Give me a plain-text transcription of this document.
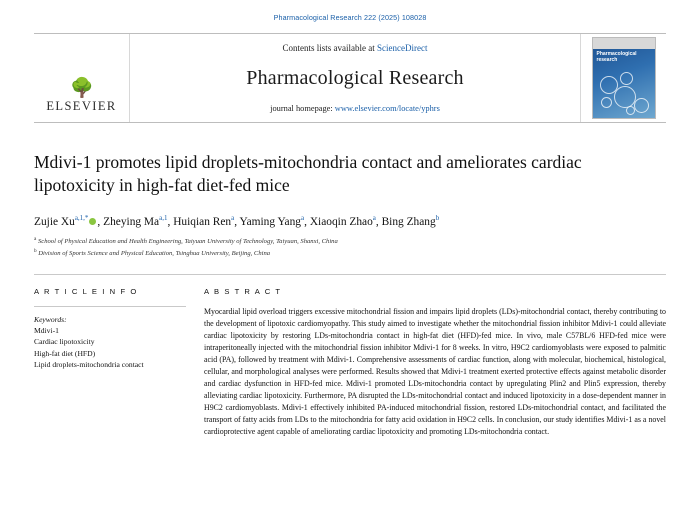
Pharmacological Research 222 (2025) 108028
🌳
ELSEVIER
Contents lists available at ScienceDirect
Pharmacological Research
journal homepage: www.elsevier.com/locate/yphrs
Pharmacological research
Mdivi-1 promotes lipid droplets-mitochondria contact and ameliorates cardiac lipotoxicity in high-fat diet-fed mice
Zujie $Xu^{a,1,*}$ , Zheying Ma$^{a,1}$, Huiqian Ren$^a$, Yaming Yang$^a$, Xiaoqin Zhao$^a$, Bing Zhang$^b$
$^a$ School of Physical Education and Health Engineering, Taiyuan University of Technology, Taiyuan, Shanxi, China
$^b$ Division of Sports Science and Physical Education, Tsinghua University, Beijing, China
A R T I C L E I N F O
Keywords:
Mdivi-1
Cardiac lipotoxicity
High-fat diet (HFD)
Lipid droplets-mitochondria contact
A B S T R A C T
Myocardial lipid overload triggers excessive mitochondrial fission and impairs lipid droplets (LDs)-mitochondrial contact, thereby contributing to the development of lipotoxic cardiomyopathy. This study aimed to investigate whether the mitochondrial fission inhibitor Mdivi-1 could alleviate cardiac lipotoxicity by restoring LDs-mitochondria contact in high-fat diet (HFD)-fed mice. In vivo, male C57BL/6 HFD-fed mice were intraperitoneally injected with the mitochondrial fission inhibitor Mdivi-1 for 8 weeks. In vitro, H9C2 cardiomyoblasts were exposed to palmitic acid (PA), followed by treatment with Mdivi-1. Comprehensive assessments of cardiac function, along with molecular, biochemical, histological, cellular, and morphological analyses were performed. Results showed that Mdivi-1 treatment exerted protective effects against metabolic disorder and cardiac dysfunction in HFD-fed mice. Mdivi-1 promoted LDs-mitochondria contact by upregulating Plin2 and Plin5 expression, thereby alleviating cardiac lipotoxicity. Furthermore, PA disrupted the LDs-mitochondrial contact and induced lipotoxicity in a dose-dependent manner in H9C2 cardiomyoblasts. Mdivi-1 effectively inhibited PA-induced mitochondrial fission, restored LDs-mitochondrial contact, and facilitated the transport of fatty acids from LDs to the mitochondria for fatty acid oxidation in H9C2 cells. In conclusion, our study identifies Mdivi-1 as a novel cardioprotective agent capable of ameliorating cardiac lipotoxicity and promoting LDs-mitochondria contact.
